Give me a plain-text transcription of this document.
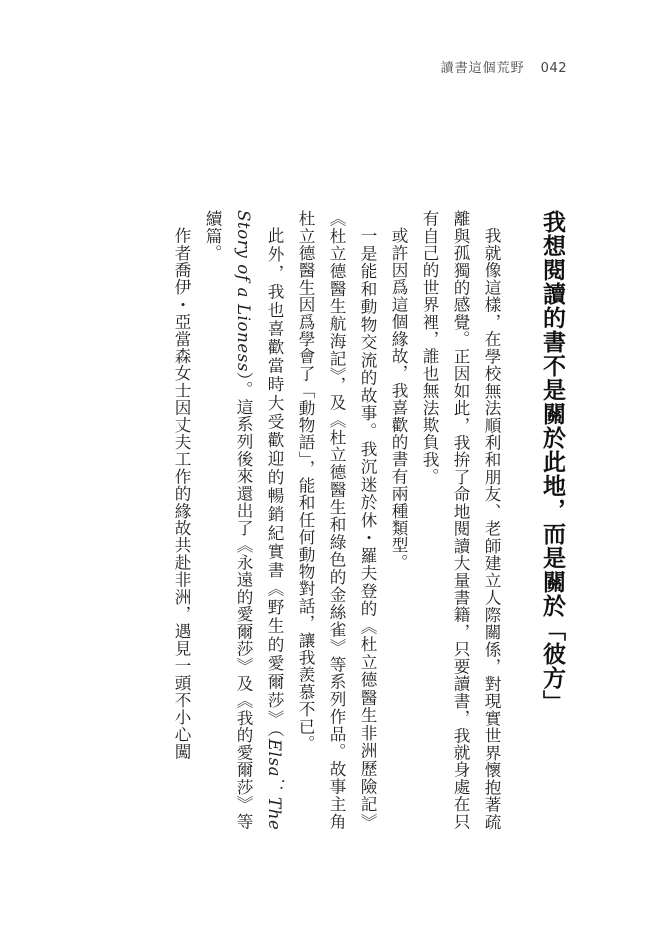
讀書這個荒野 042
我想閱讀的書不是關於此地，而是關於「彼方」

我就像這樣，在學校無法順利和朋友、老師建立人際關係，對現實世界懷抱著疏離與孤獨的感覺。正因如此，我拚了命地閱讀大量書籍，只要讀書，我就身處在只有自己的世界裡，誰也無法欺負我。

或許因爲這個緣故，我喜歡的書有兩種類型。

一是能和動物交流的故事。我沉迷於休・羅夫登的《杜立德醫生非洲歷險記》《杜立德醫生航海記》，及《杜立德醫生和綠色的金絲雀》等系列作品。故事主角杜立德醫生因爲學會了「動物語」，能和任何動物對話，讓我羨慕不已。

此外，我也喜歡當時大受歡迎的暢銷紀實書《野生的愛爾莎》（Elsa：The Story of a Lioness）。這系列後來還出了《永遠的愛爾莎》及《我的愛爾莎》等續篇。

作者喬伊・亞當森女士因丈夫工作的緣故共赴非洲，遇見一頭不小心闖
